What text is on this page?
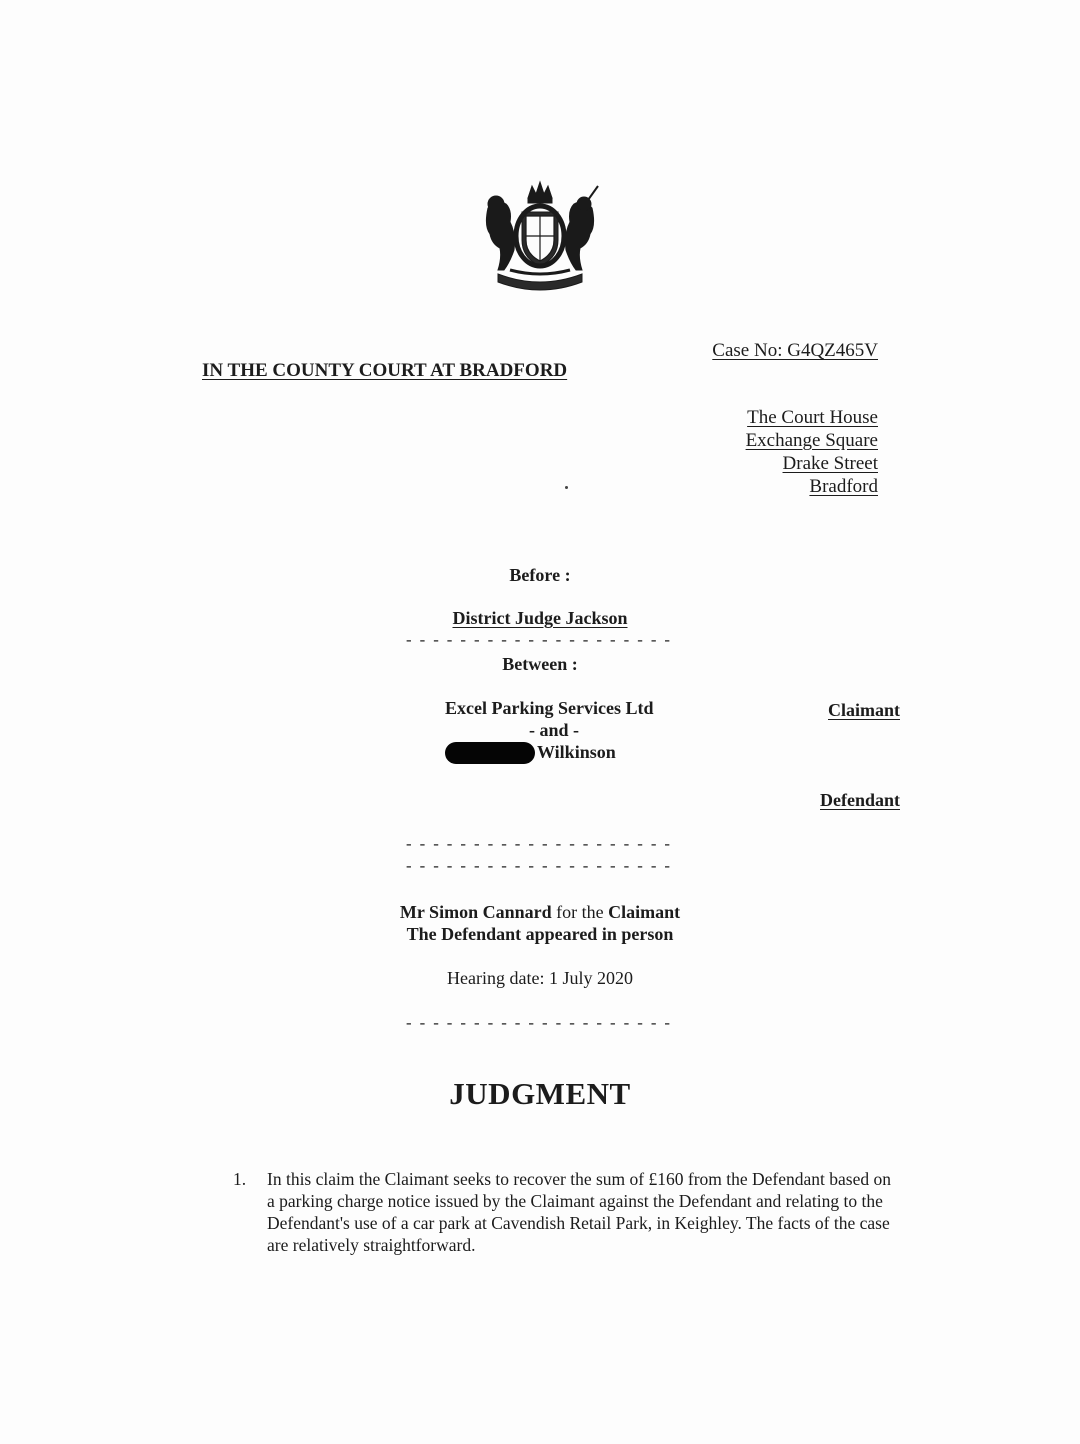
IN THE COUNTY COURT AT BRADFORD
Case No: G4QZ465V
The Court House
Exchange Square
Drake Street
Bradford
Before :
District Judge Jackson
--------------------
Between :
Excel Parking Services Ltd
- and -
Wilkinson
Claimant
Defendant
--------------------
--------------------
Mr Simon Cannard for the Claimant
The Defendant appeared in person
Hearing date: 1 July 2020
--------------------
JUDGMENT
1. In this claim the Claimant seeks to recover the sum of £160 from the Defendant based on a parking charge notice issued by the Claimant against the Defendant and relating to the Defendant's use of a car park at Cavendish Retail Park, in Keighley. The facts of the case are relatively straightforward.
